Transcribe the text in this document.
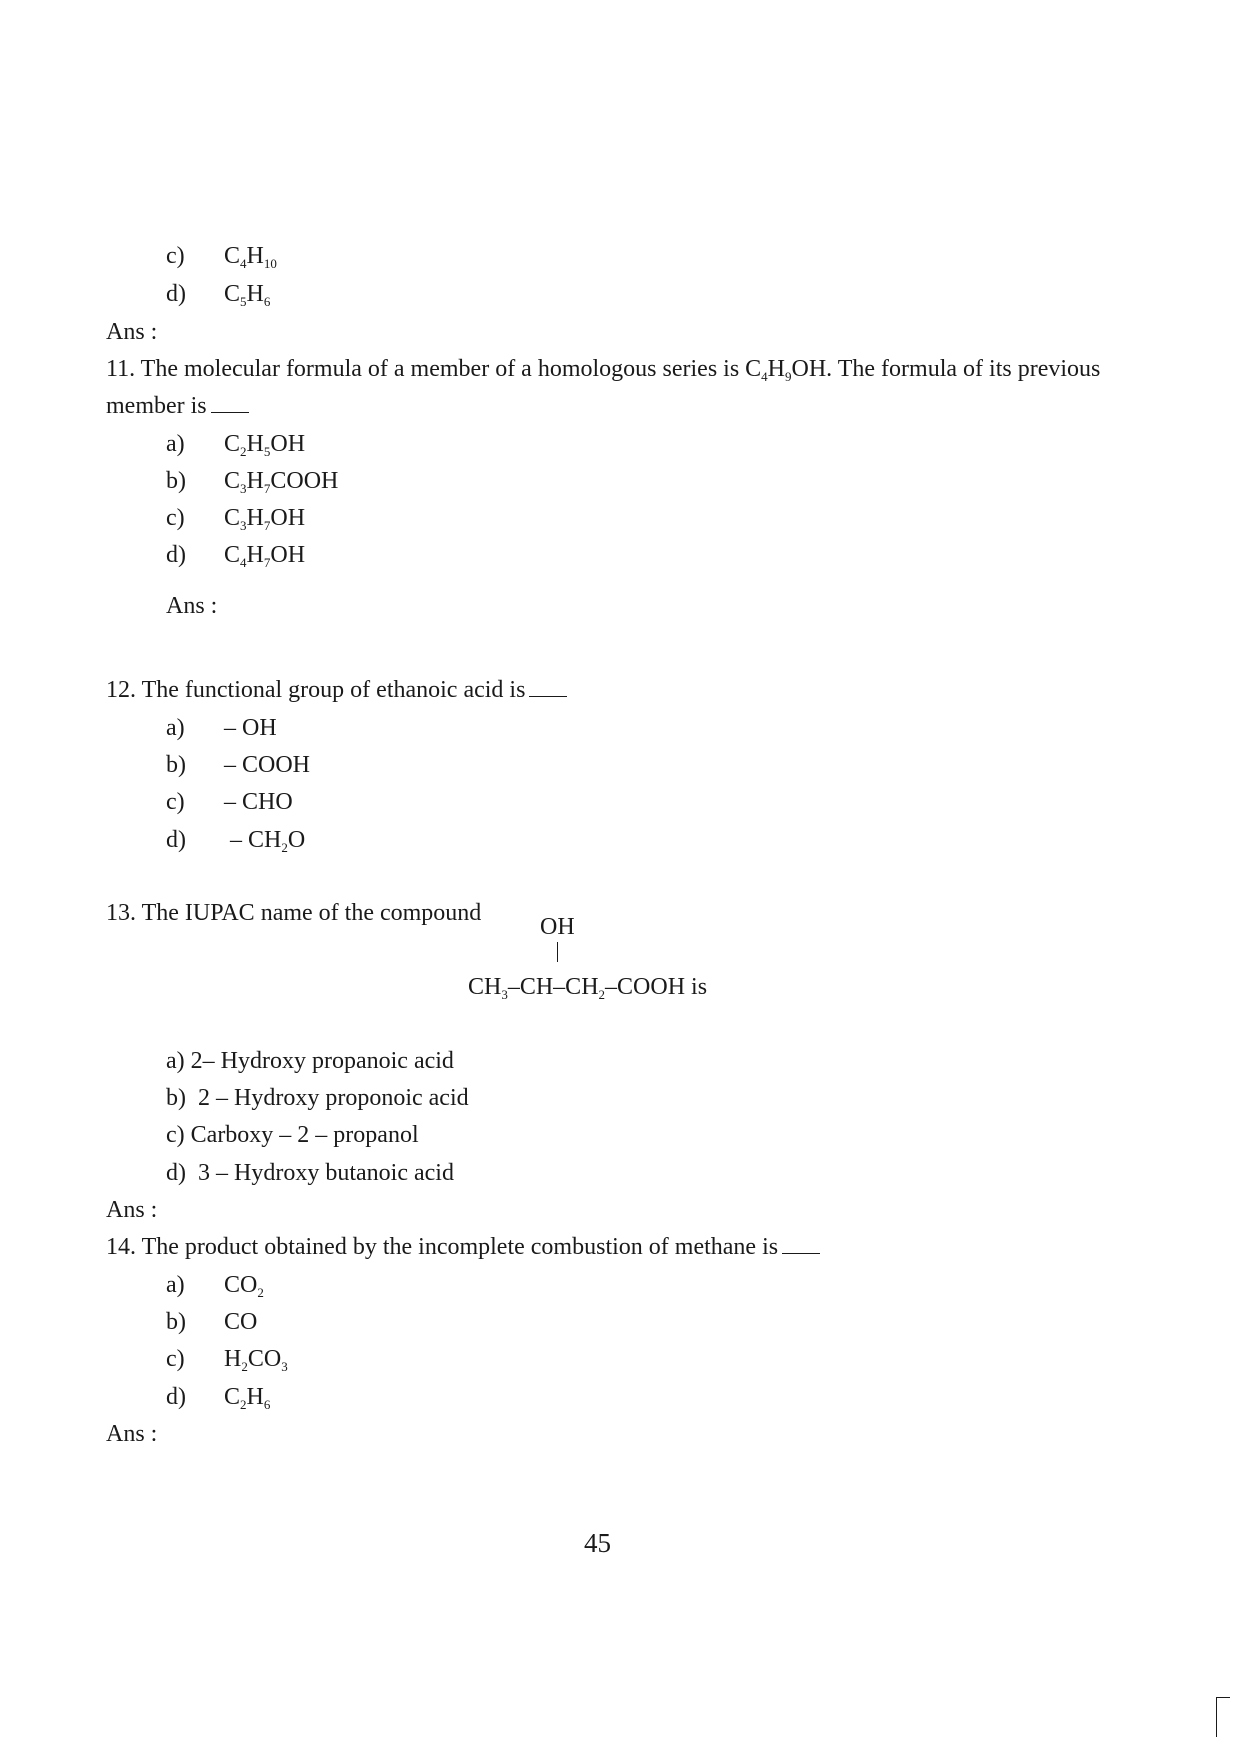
c) $C_4H_{10}$
d) $C_5H_6$
Ans :
11. The molecular formula of a member of a homologous series is $C_4H_9OH$. The formula of its previous
member is
a) $C_2H_5OH$
b) $C_3H_7COOH$
c) $C_3H_7OH$
d) $C_4H_7OH$
Ans :
12. The functional group of ethanoic acid is
a) – OH
b) – COOH
c) – CHO
$d) - CH_2O$
13. The IUPAC name of the compound
OH
$CH_3-CH-CH_2$–COOH is
a) 2– Hydroxy propanoic acid
b)  2 – Hydroxy proponoic acid
c) Carboxy – 2 – propanol
d)  3 – Hydroxy butanoic acid
Ans :
14. The product obtained by the incomplete combustion of methane is
a) $CO_2$
b) CO
c) $H_2CO_3$
d) $C_2H_6$
Ans :
45
